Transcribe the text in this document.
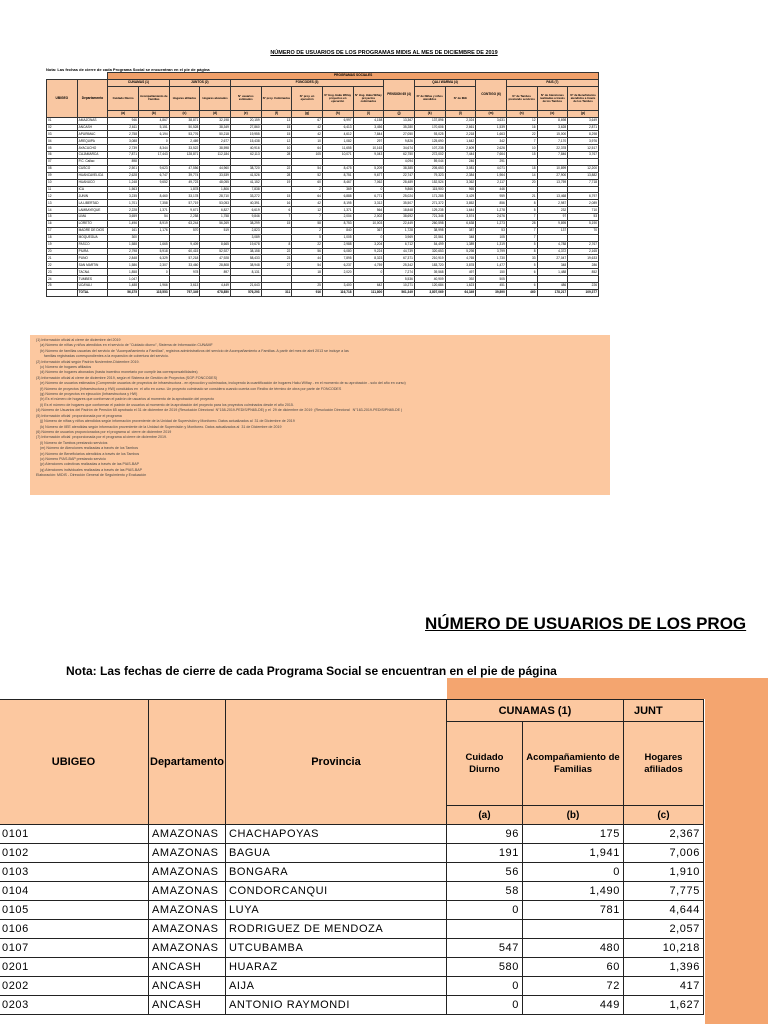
NÚMERO DE USUARIOS DE LOS PROGRAMAS MIDIS AL MES DE DICIEMBRE DE 2019
Nota: Las fechas de cierre de cada Programa Social se encuentran en el pie de página
		PROGRAMAS SOCIALES															
UBIGEO	Departamento	CUNAMAS (1)		JUNTOS (2)		FONCODES (3)					PENSION 65 (4)	QALI WARMA (4)		CONTIGO (6)	PAIS (7)		
		Cuidado Diurno	Acompañamiento de Familias	Hogares afiliados	Hogares abonados	N° usuarios estimados	N° proy. Culminados	N° proy. en ejecución	N° Hog. Haku Wiñay proyectos en ejecución	N° Hog. Haku Wiñay proyectos culminados		N° de Niñas y niños atendidos	N° de IIEE		N° de Tambos prestando servicios	N° de Atenciones realizadas a través de los Tambos	N° de Beneficiarios atendidos a través de los Tambos
		(a)	(b)	(c)	(d)	(e)	(f)	(g)	(h)	(i)	(j)	(k)	(l)	(m)	(n)	(o)	(p)
01	AMAZONAS	946	4,867	38,871	32,198	20,159	13	67	6,997	4,158	13,367	137,896	2,024	3,631	12	8,698	3,649
02	ANCASH	2,611	5,151	50,528	38,349	27,860	15	42	6,413	3,456	35,280	170,606	2,661	1,539	16	3,628	2,871
03	APURIMAC	2,758	6,194	53,776	50,218	19,955	15	42	4,612	7,844	27,050	93,025	2,218	1,663	22	15,000	8,298
04	AREQUIPA	3,088	0	2,469	2,677	15,438	12	10	1,082	297	9,826	125,690	1,642	342	7	7,170	3,976
05	AYACUCHO	2,739	8,344	33,522	38,598	40,916	10	64	11,655	10,163	34,674	107,235	2,609	2,626	10	22,378	12,517
06	CAJAMARCA	7,871	17,443	128,871	112,184	62,113	28	105	10,071	9,043	62,750	272,002	7,444	7,664	15	7,846	3,767
07	P.C. Callao	898									4,094	59,044	246	291			
08	CUSCO	2,501	9,623	47,556	44,960	38,720	22	54	8,475	5,209	38,385	205,653	3,081	4,071	18	10,899	12,200
09	HUANCAVELICA	2,628	6,747	39,774	33,539	41,526	28	52	8,751	9,677	22,747	79,323	2,384	1,964	14	27,900	13,882
10	HUANUCO	1,248	9,652	49,723	48,055	41,152	19	60	8,467	7,062	28,489	152,524	3,362	2,117	20	13,759	7,718
11	ICA	1,563		1,878	1,806	7,838		2	369	0	9,866	115,900	965	446			
12	JUNIN	3,235	8,460	33,178	28,710	33,272	15	64	6,888	6,771	25,024	171,285	3,429	959	21	13,468	6,797
13	LA LIBERTAD	1,701	7,358	57,719	53,053	40,391	16	42	8,195	3,312	35,507	271,372	3,852	856	8	2,987	2,089
14	LAMBAYEQUE	2,228	1,371	9,671	6,827	6,619	6	12	1,371	564	18,848	129,235	1,644	1,278	5	232	710
15	LIMA	3,659	54	2,258	1,758	9,846	7	7	2,004	2,002	38,692	721,346	3,574	2,676	7	97	53
16	LORETO	1,496	8,919	63,244	56,269	38,299	15	58	8,753	10,003	22,449	260,598	6,638	1,273	28	9,895	5,190
17	MADRE DE DIOS	161	1,176	570	519	2,823		2	840	367	1,728	38,998	387	53	7	137	70
18	MOQUEGUA	300				3,089		5	1,005	0	3,969	22,561	348	105	7		
19	PASCO	1,588	1,665	9,409	8,665	19,678	8	22	2,988	3,204	6,712	54,499	1,389	1,319	5	4,788	2,767
20	PIURA	2,798	5,918	60,415	52,927	38,158	22	56	6,080	9,224	44,739	320,653	5,298	3,799	8	4,372	2,165
21	PUNO	2,848	6,329	57,218	47,928	58,433	23	44	7,895	8,323	67,371	210,919	4,765	1,730	33	27,047	19,633
22	SAN MARTIN	1,586	2,307	33,460	28,808	38,948	27	54	6,237	4,759	25,342	183,720	3,878	1,477	5	348	286
23	TACNA	1,858	0	978	897	8,131		18	2,020	0	7,274	39,568	497	150	6	1,488	852
24	TUMBES	1,047									5,536	40,909	392	505			
25	UCAYALI	1,488	1,966	3,613	4,449	21,643		25	3,400	642	10,271	120,684	1,623	451	6	486	226
	TOTAL	56,375	115,553	797,349	678,850	576,293	311	916	116,718	111,800	561,349	3,807,069	64,349	39,890	460	178,217	109,377
(1) Información oficial al cierre de diciembre del 2019
(a) Número de niñas y niños atendidos en el servicio de "Cuidado diurno", Sistema de Información CUNAMF
(b) Número de familias usuarias del servicio de "Acompañamiento a Familias", registros administrativos del servicio de Acompañamiento a Familias. A partir del mes de abril 2013 se incluye a las
familias registradas correspondientes a la expansión de cobertura del servicio.
(2) Información oficial según Padrón Noviembre-Diciembre 2019.
(c) Número de hogares afiliados
(d) Número de hogares abonados (hasta incentivo monetario por cumplir las corresponsabilidades)
(3) Información oficial al cierre de diciembre 2019, según el Sistema de Gestión de Proyectos (SGP-FONCODES)
(e) Número de usuarios estimados (Comprende usuarios de proyectos de infraestructura - en ejecución y culminados, incluyendo la cuantificación de hogares Haku Wiñay - en el momento de su aprobación - solo del año en curso)
(f) Número de proyectos (Infraestructura y HW) concluidos en  el año en curso. Un proyecto culminado se considera cuando cuenta con Recibo de término de obra por parte de FONCODES
(g) Número de proyectos en ejecución (Infraestructura y HW)
(h) Es el número de hogares que conforman el padrón de usuarios al momento de la aprobación del proyecto
(i) Es el número de hogares que conforman el padrón de usuarios al momento de la aprobación del proyecto para los proyectos culminados desde el año 2015.
(4) Número de Usuarios del Padrón de Pensión 65 aprobado el 31 de diciembre de 2019 (Resolución Directoral  N°158-2019-PEDIS/PN65-DE) y el  29 de diciembre de 2019  (Resolución Directoral   N°163-2019-PEDIS/PN65-DE )
(5) Información oficial  proporcionada por el programa
(j) Número de niñas y niños atendidos según información proveniente de la Unidad de Supervisión y Monitoreo. Datos actualizados al  31 de Diciembre de 2019
(k) Número de IIEE atendidas según información proveniente de la Unidad de Supervisión y Monitoreo. Datos actualizados al  31 de Diciembre de 2019
(6) Número de usuarios proporcionados por el programa al  cierre de diciembre 2019
(7) Información oficial  proporcionada por el programa al cierre de diciembre 2019.
(l) Número de Tambos prestando servicios
(m) Número de Atenciones realizadas a través de los Tambos
(n) Número de Beneficiarios atendidos a través de los Tambos
(o) Número PIAS-BAP prestando servicio
(p) Atenciones colectivas realizadas a través de las PIAS-BAP
(q) Atenciones individuales realizadas a través de las PIAS-BAP
Elaboración: MIDIS - Dirección General de Seguimiento y Evaluación
NÚMERO DE USUARIOS DE LOS PROG
Nota: Las fechas de cierre de cada Programa Social se encuentran en el pie de página
UBIGEO	Departamento	Provincia	CUNAMAS (1)		JUNT
			Cuidado Diurno	Acompañamiento de Familias	Hogares afiliados
			(a)	(b)	(c)
0101	AMAZONAS	CHACHAPOYAS	96	175	2,367
0102	AMAZONAS	BAGUA	191	1,941	7,006
0103	AMAZONAS	BONGARA	56	0	1,910
0104	AMAZONAS	CONDORCANQUI	58	1,490	7,775
0105	AMAZONAS	LUYA	0	781	4,644
0106	AMAZONAS	RODRIGUEZ DE MENDOZA			2,057
0107	AMAZONAS	UTCUBAMBA	547	480	10,218
0201	ANCASH	HUARAZ	580	60	1,396
0202	ANCASH	AIJA	0	72	417
0203	ANCASH	ANTONIO RAYMONDI	0	449	1,627
